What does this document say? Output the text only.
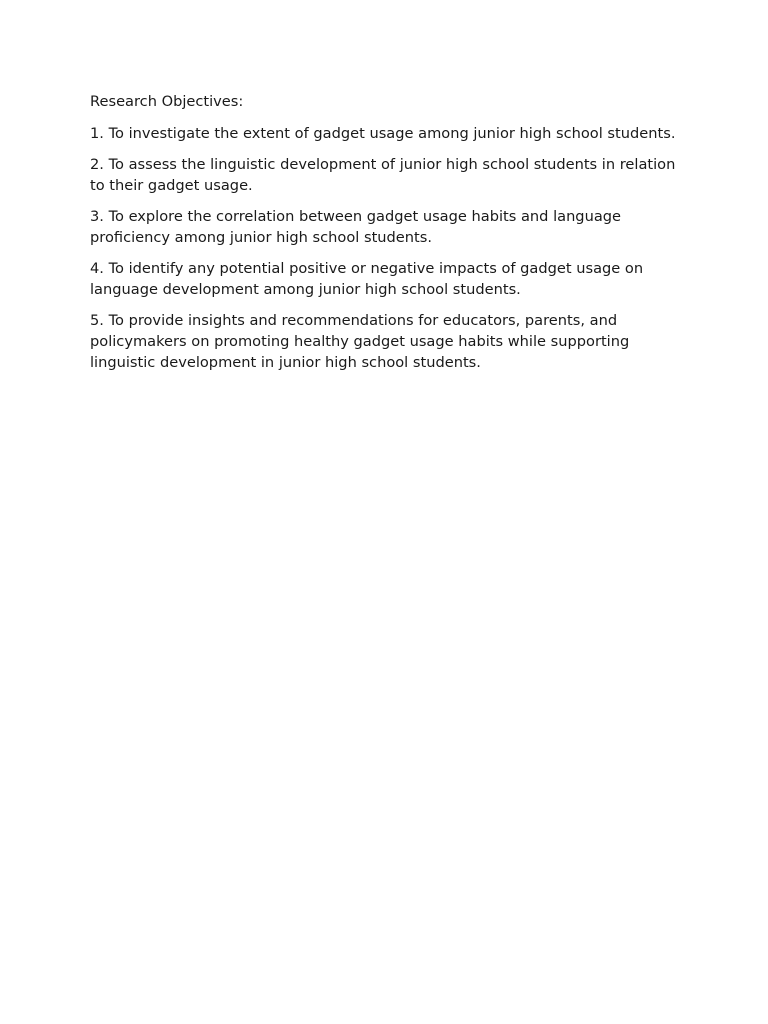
Research Objectives:

1. To investigate the extent of gadget usage among junior high school students.

2. To assess the linguistic development of junior high school students in relation to their gadget usage.

3. To explore the correlation between gadget usage habits and language proficiency among junior high school students.

4. To identify any potential positive or negative impacts of gadget usage on language development among junior high school students.

5. To provide insights and recommendations for educators, parents, and policymakers on promoting healthy gadget usage habits while supporting linguistic development in junior high school students.
